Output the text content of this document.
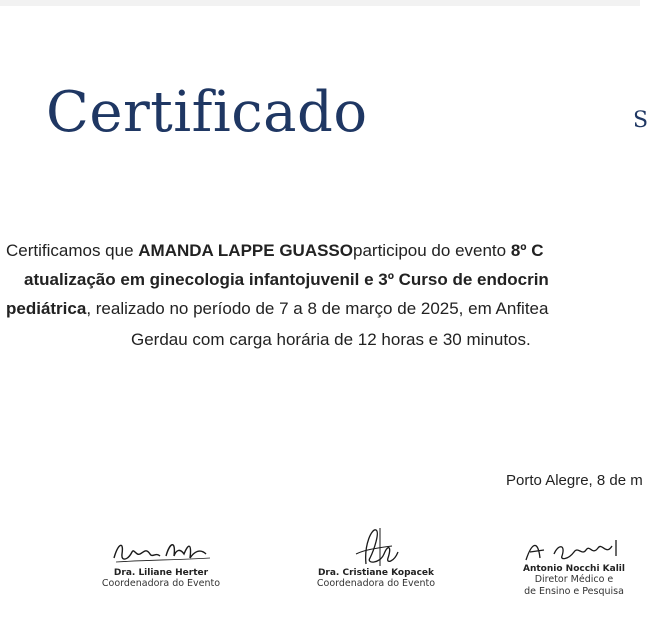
Certificado	S
Certificamos que AMANDA LAPPE GUASSOparticipou do evento 8º C
atualização em ginecologia infantojuvenil e 3º Curso de endocrin
pediátrica, realizado no período de 7 a 8 de março de 2025, em Anfitea
Gerdau com carga horária de 12 horas e 30 minutos.
Porto Alegre, 8 de m
Dra. Liliane Herter
Coordenadora do Evento
Dra. Cristiane Kopacek
Coordenadora do Evento
Antonio Nocchi Kalil
Diretor Médico e
de Ensino e Pesquisa
